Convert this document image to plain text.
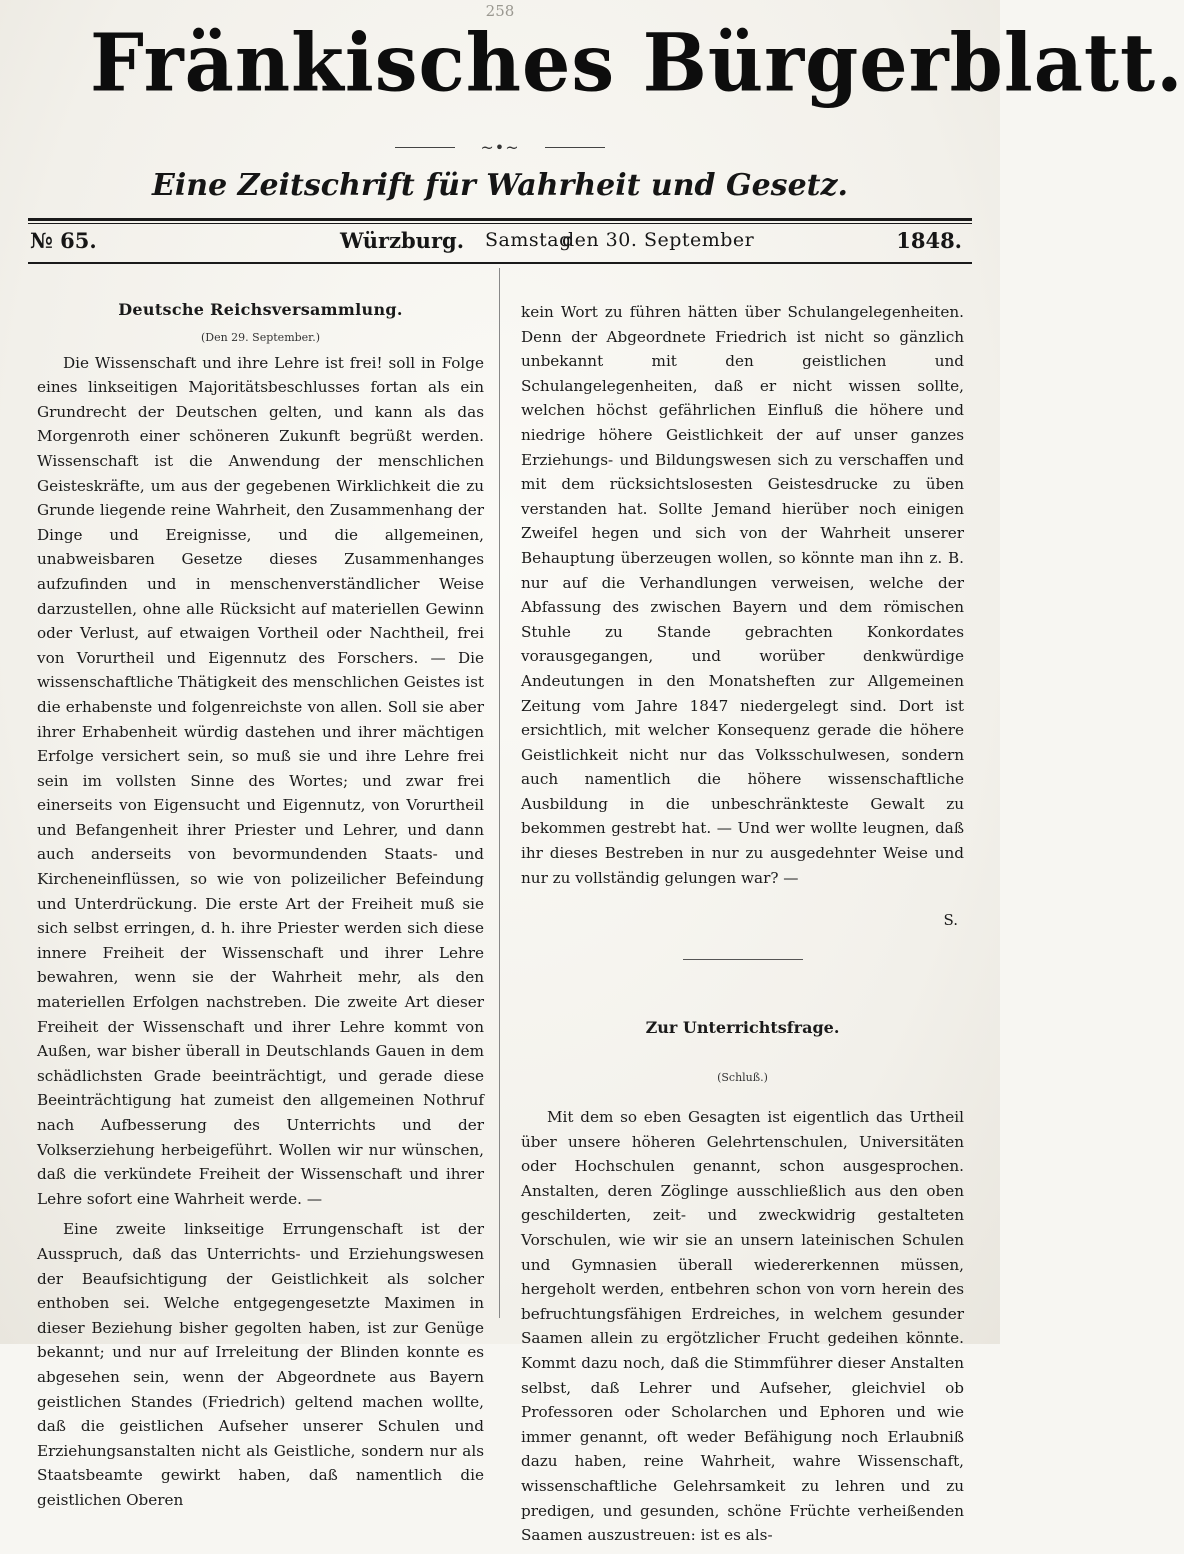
258
Fränkisches Bürgerblatt.
~•~
Eine Zeitschrift für Wahrheit und Gesetz.
№ 65.	Würzburg. Samstag
den 30. September	1848.
Deutsche Reichsversammlung.
(Den 29. September.)

Die Wissenschaft und ihre Lehre ist frei! soll in Folge eines linkseitigen Majoritätsbeschlusses fortan als ein Grundrecht der Deutschen gelten, und kann als das Morgenroth einer schöneren Zukunft begrüßt werden. Wissenschaft ist die Anwendung der menschlichen Geisteskräfte, um aus der gegebenen Wirklichkeit die zu Grunde liegende reine Wahrheit, den Zusammenhang der Dinge und Ereignisse, und die allgemeinen, unabweisbaren Gesetze dieses Zusammenhanges aufzufinden und in menschenverständlicher Weise darzustellen, ohne alle Rücksicht auf materiellen Gewinn oder Verlust, auf etwaigen Vortheil oder Nachtheil, frei von Vorurtheil und Eigennutz des Forschers. — Die wissenschaftliche Thätigkeit des menschlichen Geistes ist die erhabenste und folgenreichste von allen. Soll sie aber ihrer Erhabenheit würdig dastehen und ihrer mächtigen Erfolge versichert sein, so muß sie und ihre Lehre frei sein im vollsten Sinne des Wortes; und zwar frei einerseits von Eigensucht und Eigennutz, von Vorurtheil und Befangenheit ihrer Priester und Lehrer, und dann auch anderseits von bevormundenden Staats- und Kircheneinflüssen, so wie von polizeilicher Befeindung und Unterdrückung. Die erste Art der Freiheit muß sie sich selbst erringen, d. h. ihre Priester werden sich diese innere Freiheit der Wissenschaft und ihrer Lehre bewahren, wenn sie der Wahrheit mehr, als den materiellen Erfolgen nachstreben. Die zweite Art dieser Freiheit der Wissenschaft und ihrer Lehre kommt von Außen, war bisher überall in Deutschlands Gauen in dem schädlichsten Grade beeinträchtigt, und gerade diese Beeinträchtigung hat zumeist den allgemeinen Nothruf nach Aufbesserung des Unterrichts und der Volkserziehung herbeigeführt. Wollen wir nur wünschen, daß die verkündete Freiheit der Wissenschaft und ihrer Lehre sofort eine Wahrheit werde. —

Eine zweite linkseitige Errungenschaft ist der Ausspruch, daß das Unterrichts- und Erziehungswesen der Beaufsichtigung der Geistlichkeit als solcher enthoben sei. Welche entgegengesetzte Maximen in dieser Beziehung bisher gegolten haben, ist zur Genüge bekannt; und nur auf Irreleitung der Blinden konnte es abgesehen sein, wenn der Abgeordnete aus Bayern geistlichen Standes (Friedrich) geltend machen wollte, daß die geistlichen Aufseher unserer Schulen und Erziehungsanstalten nicht als Geistliche, sondern nur als Staatsbeamte gewirkt haben, daß namentlich die geistlichen Oberen

kein Wort zu führen hätten über Schulangelegenheiten. Denn der Abgeordnete Friedrich ist nicht so gänzlich unbekannt mit den geistlichen und Schulangelegenheiten, daß er nicht wissen sollte, welchen höchst gefährlichen Einfluß die höhere und niedrige höhere Geistlichkeit der auf unser ganzes Erziehungs- und Bildungswesen sich zu verschaffen und mit dem rücksichtslosesten Geistesdrucke zu üben verstanden hat. Sollte Jemand hierüber noch einigen Zweifel hegen und sich von der Wahrheit unserer Behauptung überzeugen wollen, so könnte man ihn z. B. nur auf die Verhandlungen verweisen, welche der Abfassung des zwischen Bayern und dem römischen Stuhle zu Stande gebrachten Konkordates vorausgegangen, und worüber denkwürdige Andeutungen in den Monatsheften zur Allgemeinen Zeitung vom Jahre 1847 niedergelegt sind. Dort ist ersichtlich, mit welcher Konsequenz gerade die höhere Geistlichkeit nicht nur das Volksschulwesen, sondern auch namentlich die höhere wissenschaftliche Ausbildung in die unbeschränkteste Gewalt zu bekommen gestrebt hat. — Und wer wollte leugnen, daß ihr dieses Bestreben in nur zu ausgedehnter Weise und nur zu vollständig gelungen war? —

S.
Zur Unterrichtsfrage.
(Schluß.)

Mit dem so eben Gesagten ist eigentlich das Urtheil über unsere höheren Gelehrtenschulen, Universitäten oder Hochschulen genannt, schon ausgesprochen. Anstalten, deren Zöglinge ausschließlich aus den oben geschilderten, zeit- und zweckwidrig gestalteten Vorschulen, wie wir sie an unsern lateinischen Schulen und Gymnasien überall wiedererkennen müssen, hergeholt werden, entbehren schon von vorn herein des befruchtungsfähigen Erdreiches, in welchem gesunder Saamen allein zu ergötzlicher Frucht gedeihen könnte. Kommt dazu noch, daß die Stimmführer dieser Anstalten selbst, daß Lehrer und Aufseher, gleichviel ob Professoren oder Scholarchen und Ephoren und wie immer genannt, oft weder Befähigung noch Erlaubniß dazu haben, reine Wahrheit, wahre Wissenschaft, wissenschaftliche Gelehrsamkeit zu lehren und zu predigen, und gesunden, schöne Früchte verheißenden Saamen auszustreuen: ist es als-
